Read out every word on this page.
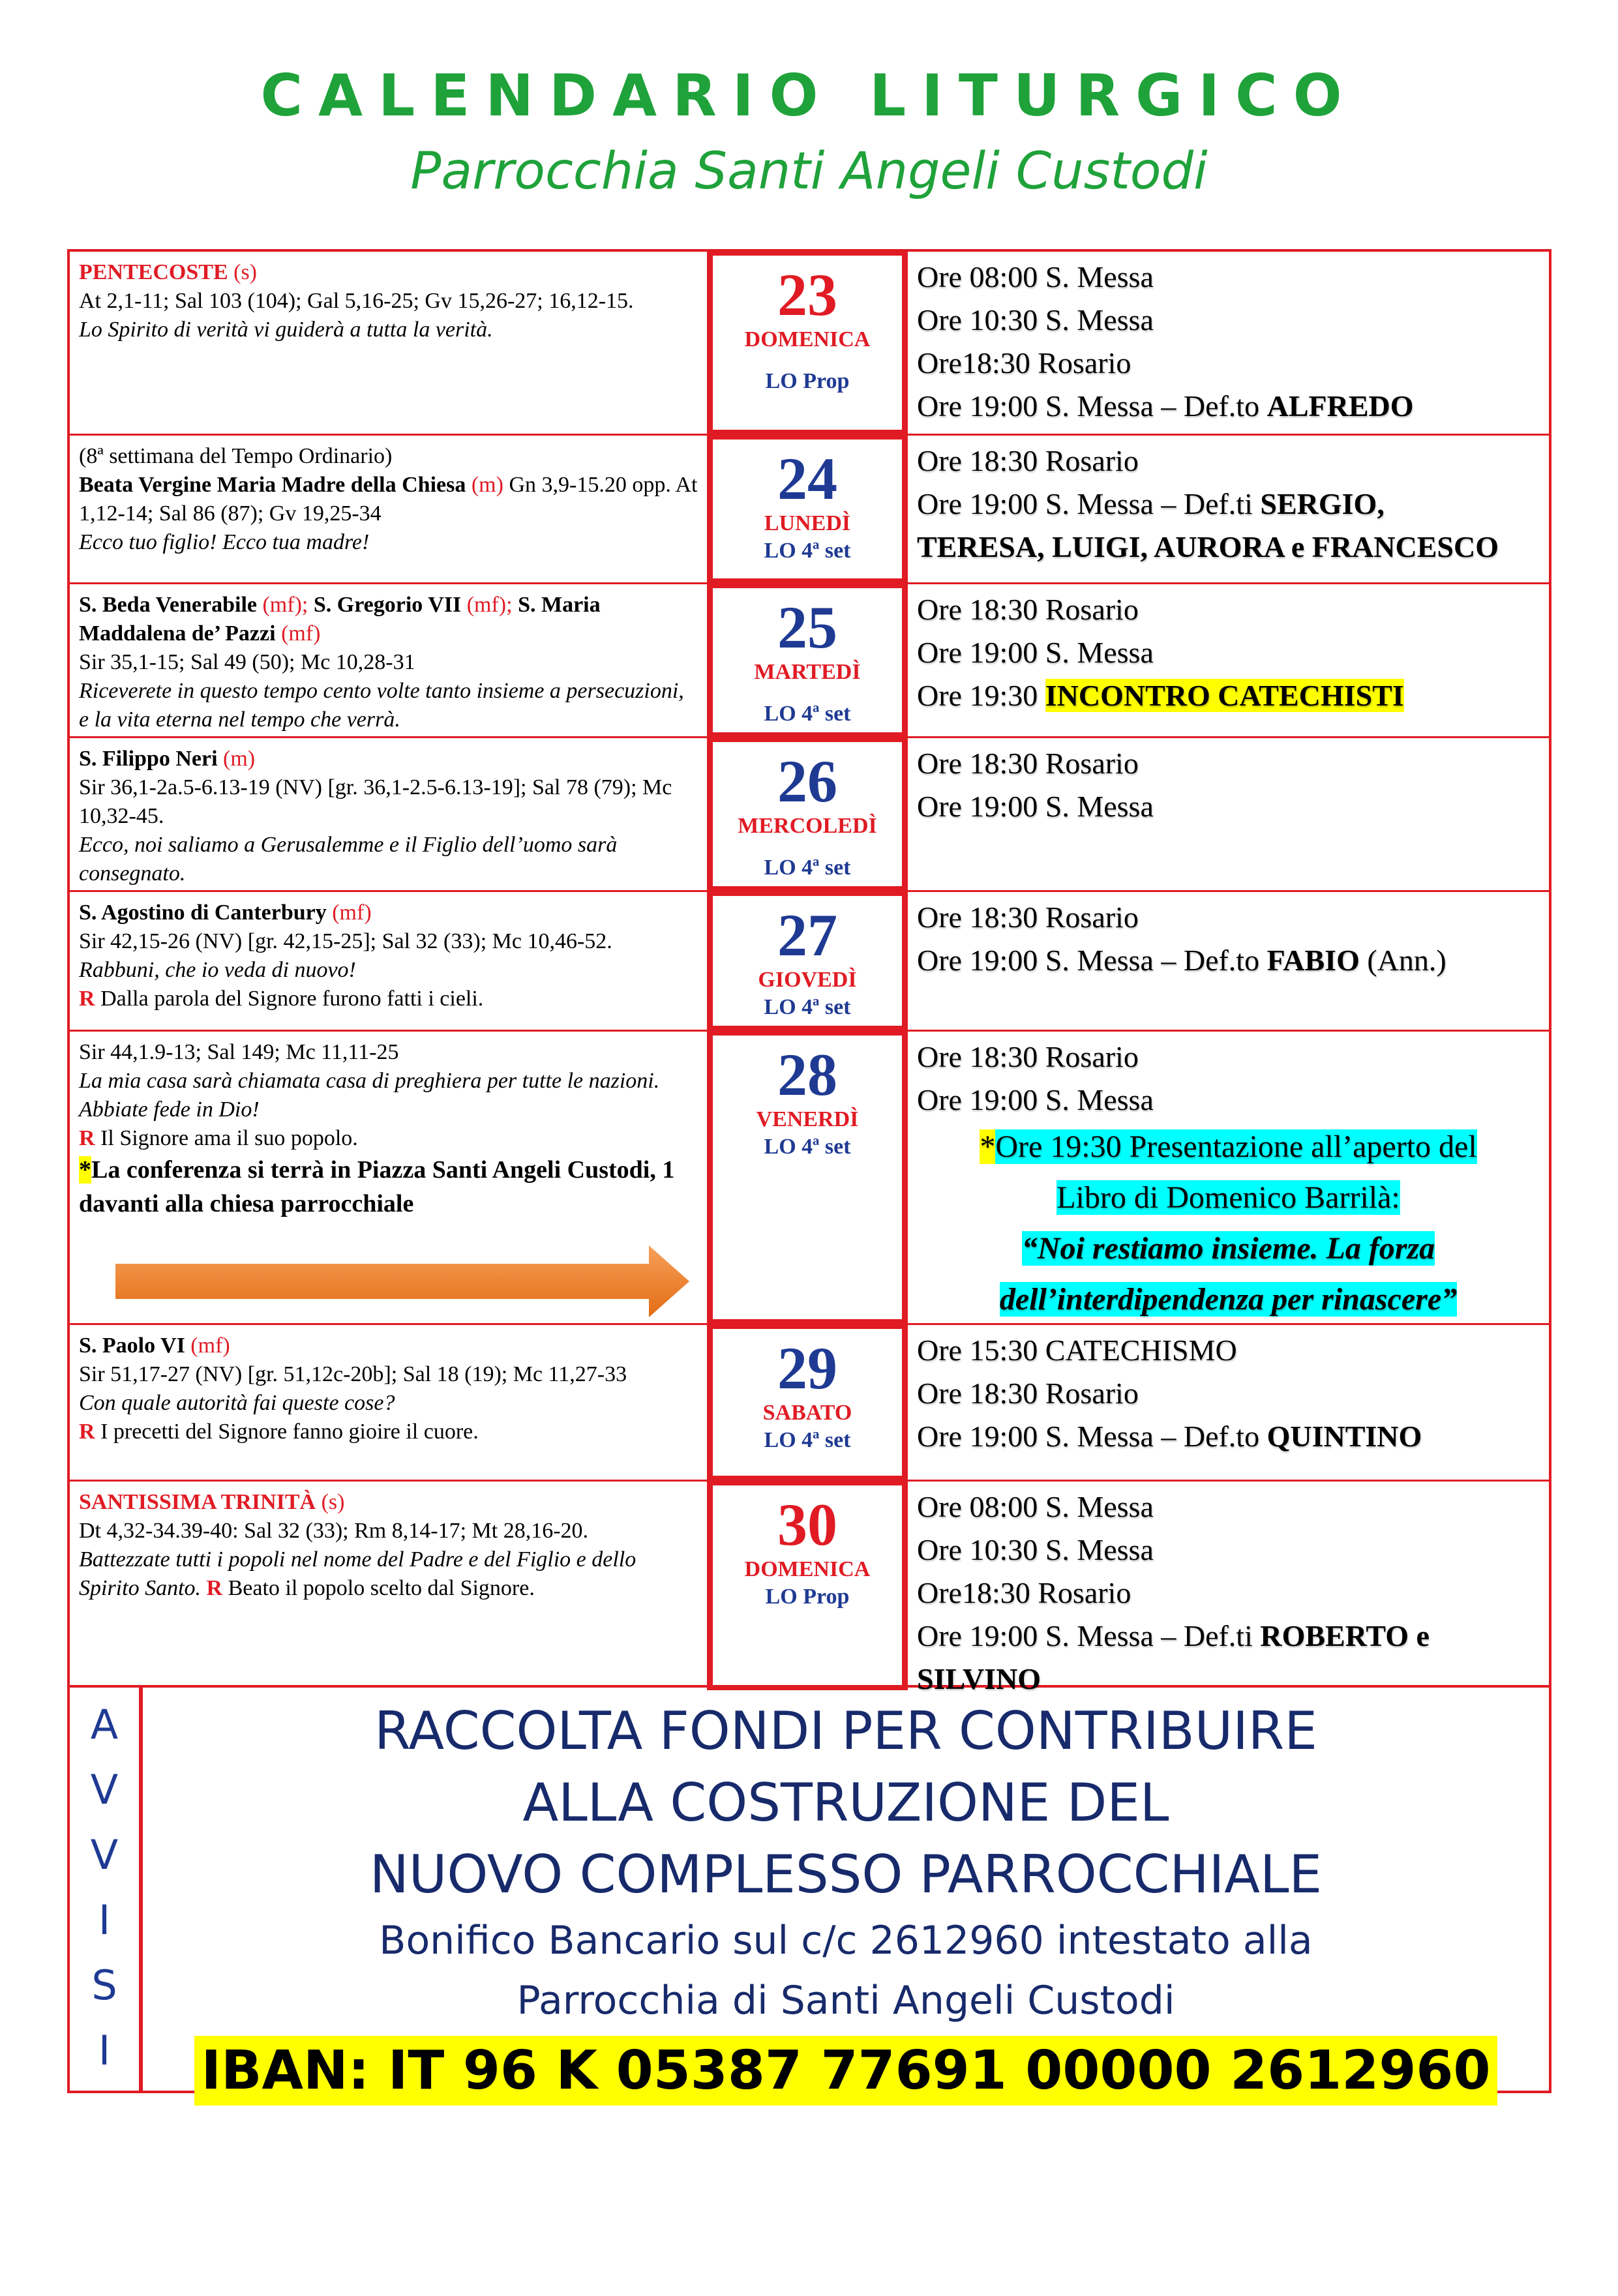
CALENDARIO LITURGICO
Parrocchia Santi Angeli Custodi
PENTECOSTE (s)
At 2,1-11; Sal 103 (104); Gal 5,16-25; Gv 15,26-27; 16,12-15.
Lo Spirito di verità vi guiderà a tutta la verità.
23
DOMENICA
LO Prop
Ore 08:00 S. Messa
Ore 10:30 S. Messa
Ore18:30 Rosario
Ore 19:00 S. Messa – Def.to ALFREDO
(8ª settimana del Tempo Ordinario)
Beata Vergine Maria Madre della Chiesa (m) Gn 3,9-15.20 opp. At 1,12-14; Sal 86 (87); Gv 19,25-34
Ecco tuo figlio! Ecco tua madre!
24
LUNEDÌ
LO 4ª set
Ore 18:30 Rosario
Ore 19:00 S. Messa – Def.ti SERGIO,
TERESA, LUIGI, AURORA e FRANCESCO
S. Beda Venerabile (mf); S. Gregorio VII (mf); S. Maria Maddalena de’ Pazzi (mf)
Sir 35,1-15; Sal 49 (50); Mc 10,28-31
Riceverete in questo tempo cento volte tanto insieme a persecuzioni, e la vita eterna nel tempo che verrà.
25
MARTEDÌ
LO 4ª set
Ore 18:30 Rosario
Ore 19:00 S. Messa
Ore 19:30 INCONTRO CATECHISTI
S. Filippo Neri (m)
Sir 36,1-2a.5-6.13-19 (NV) [gr. 36,1-2.5-6.13-19]; Sal 78 (79); Mc 10,32-45.
Ecco, noi saliamo a Gerusalemme e il Figlio dell’uomo sarà consegnato.
26
MERCOLEDÌ
LO 4ª set
Ore 18:30 Rosario
Ore 19:00 S. Messa
S. Agostino di Canterbury (mf)
Sir 42,15-26 (NV) [gr. 42,15-25]; Sal 32 (33); Mc 10,46-52. Rabbuni, che io veda di nuovo!
R Dalla parola del Signore furono fatti i cieli.
27
GIOVEDÌ
LO 4ª set
Ore 18:30 Rosario
Ore 19:00 S. Messa – Def.to FABIO (Ann.)
Sir 44,1.9-13; Sal 149; Mc 11,11-25
La mia casa sarà chiamata casa di preghiera per tutte le nazioni. Abbiate fede in Dio!
R Il Signore ama il suo popolo.
*La conferenza si terrà in Piazza Santi Angeli Custodi, 1 davanti alla chiesa parrocchiale
28
VENERDÌ
LO 4ª set
Ore 18:30 Rosario
Ore 19:00 S. Messa
*Ore 19:30 Presentazione all’aperto del
Libro di Domenico Barrilà:
“Noi restiamo insieme. La forza
dell’interdipendenza per rinascere”
S. Paolo VI (mf)
Sir 51,17-27 (NV) [gr. 51,12c-20b]; Sal 18 (19); Mc 11,27-33
Con quale autorità fai queste cose?
R I precetti del Signore fanno gioire il cuore.
29
SABATO
LO 4ª set
Ore 15:30 CATECHISMO
Ore 18:30 Rosario
Ore 19:00 S. Messa – Def.to QUINTINO
SANTISSIMA TRINITÀ (s)
Dt 4,32-34.39-40: Sal 32 (33); Rm 8,14-17; Mt 28,16-20.
Battezzate tutti i popoli nel nome del Padre e del Figlio e dello Spirito Santo. R Beato il popolo scelto dal Signore.
30
DOMENICA
LO Prop
Ore 08:00 S. Messa
Ore 10:30 S. Messa
Ore18:30 Rosario
Ore 19:00 S. Messa – Def.ti ROBERTO e
SILVINO
A
V
V
I
S
I
RACCOLTA FONDI PER CONTRIBUIRE
ALLA COSTRUZIONE DEL
NUOVO COMPLESSO PARROCCHIALE
Bonifico Bancario sul c/c 2612960 intestato alla
Parrocchia di Santi Angeli Custodi
IBAN: IT 96 K 05387 77691 00000 2612960
